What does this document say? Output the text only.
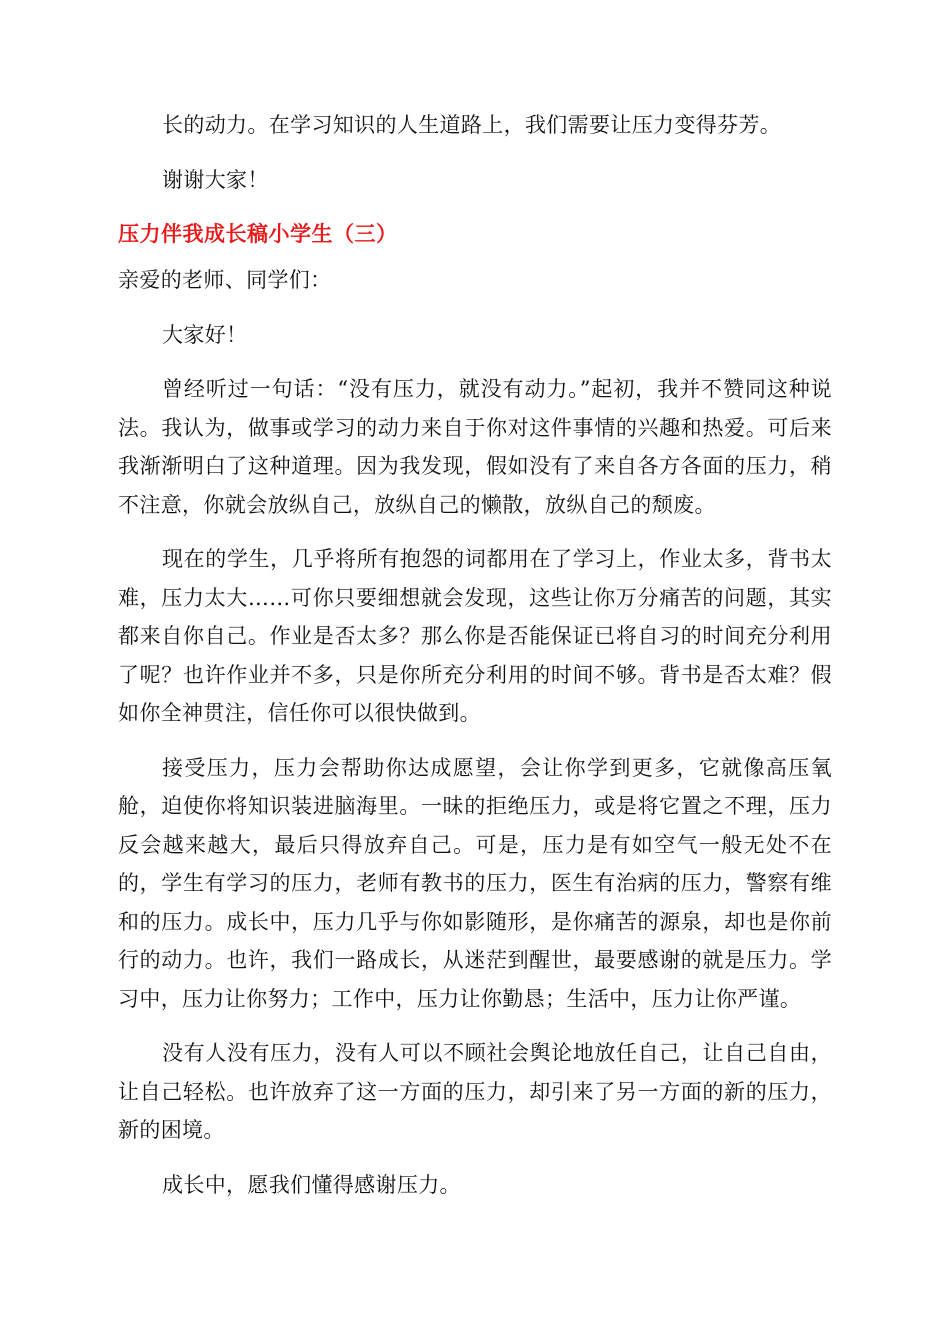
长的动力。在学习知识的人生道路上，我们需要让压力变得芬芳。

谢谢大家！

压力伴我成长稿小学生（三）

亲爱的老师、同学们：

大家好！

曾经听过一句话：“没有压力，就没有动力。”起初，我并不赞同这种说法。我认为，做事或学习的动力来自于你对这件事情的兴趣和热爱。可后来我渐渐明白了这种道理。因为我发现，假如没有了来自各方各面的压力，稍不注意，你就会放纵自己，放纵自己的懒散，放纵自己的颓废。

现在的学生，几乎将所有抱怨的词都用在了学习上，作业太多，背书太难，压力太大……可你只要细想就会发现，这些让你万分痛苦的问题，其实都来自你自己。作业是否太多？那么你是否能保证已将自习的时间充分利用了呢？也许作业并不多，只是你所充分利用的时间不够。背书是否太难？假如你全神贯注，信任你可以很快做到。

接受压力，压力会帮助你达成愿望，会让你学到更多，它就像高压氧舱，迫使你将知识装进脑海里。一昧的拒绝压力，或是将它置之不理，压力反会越来越大，最后只得放弃自己。可是，压力是有如空气一般无处不在的，学生有学习的压力，老师有教书的压力，医生有治病的压力，警察有维和的压力。成长中，压力几乎与你如影随形，是你痛苦的源泉，却也是你前行的动力。也许，我们一路成长，从迷茫到醒世，最要感谢的就是压力。学习中，压力让你努力；工作中，压力让你勤恳；生活中，压力让你严谨。

没有人没有压力，没有人可以不顾社会舆论地放任自己，让自己自由，让自己轻松。也许放弃了这一方面的压力，却引来了另一方面的新的压力，新的困境。

成长中，愿我们懂得感谢压力。
